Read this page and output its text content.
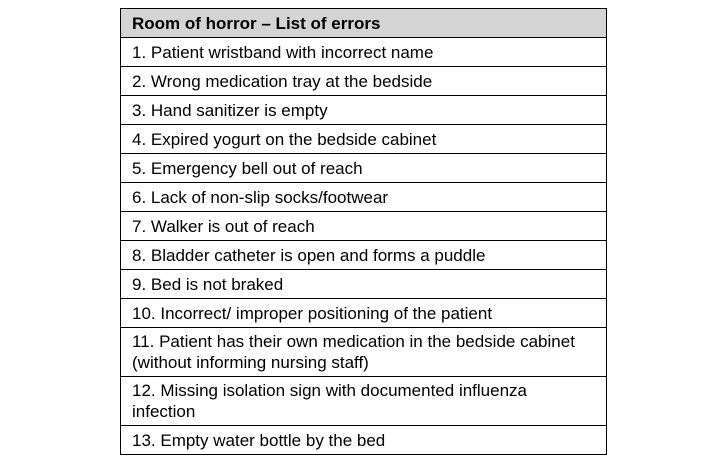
Room of horror – List of errors
1. Patient wristband with incorrect name
2. Wrong medication tray at the bedside
3. Hand sanitizer is empty
4. Expired yogurt on the bedside cabinet
5. Emergency bell out of reach
6. Lack of non-slip socks/footwear
7. Walker is out of reach
8. Bladder catheter is open and forms a puddle
9. Bed is not braked
10. Incorrect/ improper positioning of the patient
11. Patient has their own medication in the bedside cabinet (without informing nursing staff)
12. Missing isolation sign with documented influenza infection
13. Empty water bottle by the bed
